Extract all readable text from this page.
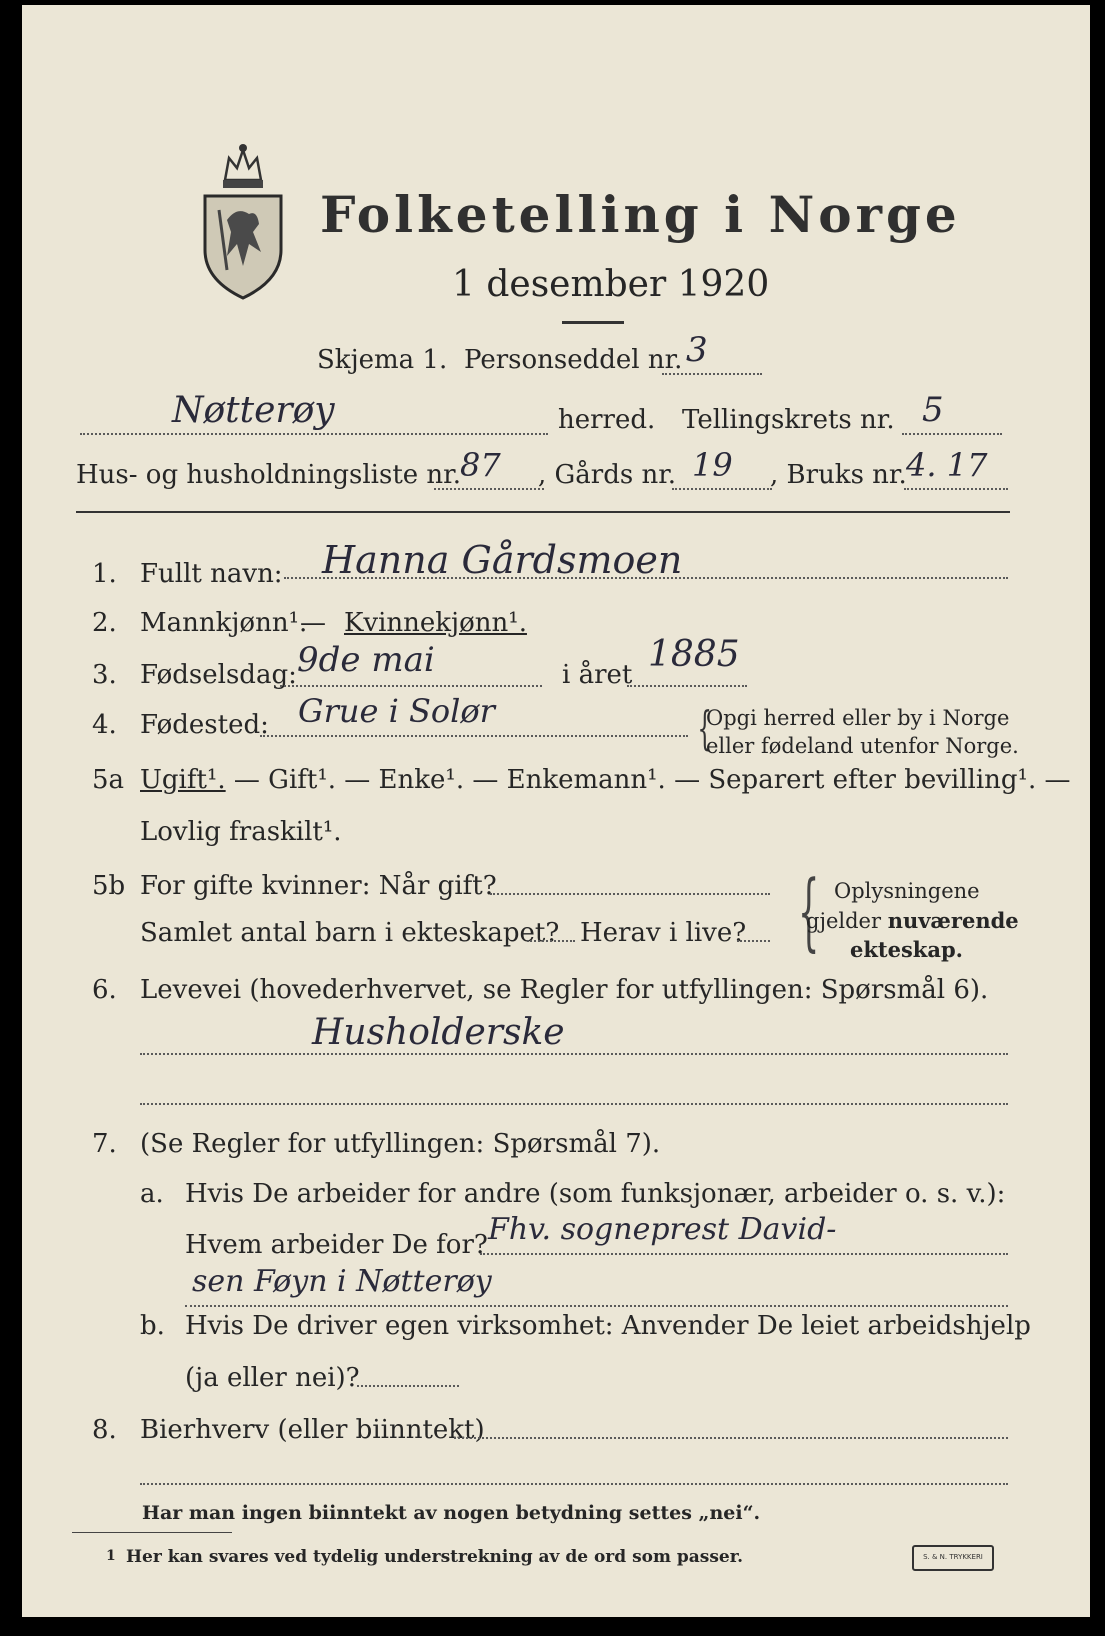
Folketelling i Norge
1 desember 1920
Skjema 1. Personseddel nr. 3
Nøtterøy	herred. Tellingskrets nr. 5
Hus- og husholdningsliste nr.
87 , Gårds nr. 19 , Bruks nr. 4. 17
1. Fullt navn: Hanna Gårdsmoen
2. Mannkjønn¹.
— Kvinnekjønn¹.
3. Fødselsdag: 9de mai	i året 1885
4. Fødested: Grue i Solør	{
Opgi herred eller by i Norge
eller fødeland utenfor Norge.
5a Ugift¹. — Gift¹. — Enke¹. — Enkemann¹. — Separert efter bevilling¹. —
Lovlig fraskilt¹.
5b For gifte kvinner: Når gift?
Samlet antal barn i ekteskapet? Herav i live? { Oplysningene
gjelder nuværende
ekteskap.
6. Levevei (hovederhvervet, se Regler for utfyllingen: Spørsmål 6).
Husholderske
7. (Se Regler for utfyllingen: Spørsmål 7).
a. Hvis De arbeider for andre (som funksjonær, arbeider o. s. v.):
Hvem arbeider De for? Fhv. sogneprest David-
sen Føyn i Nøtterøy
b. Hvis De driver egen virksomhet: Anvender De leiet arbeidshjelp
(ja eller nei)?
8. Bierhverv (eller biinntekt)
Har man ingen biinntekt av nogen betydning settes „nei“.
1 Her kan svares ved tydelig understrekning av de ord som passer.	S. & N. TRYKKERI
